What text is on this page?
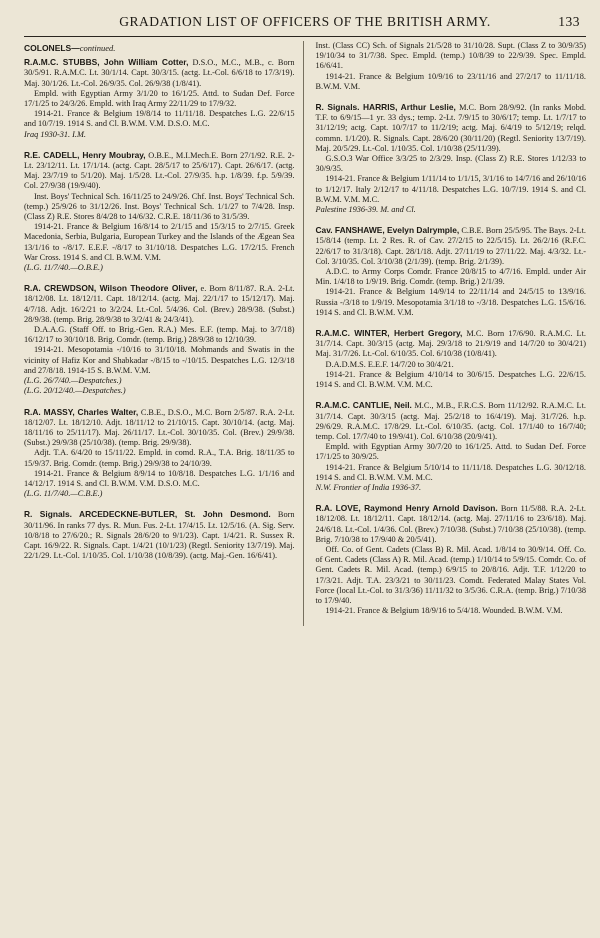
GRADATION LIST OF OFFICERS OF THE BRITISH ARMY.	133
COLONELS—continued.

R.A.M.C. STUBBS, John William Cotter, D.S.O., M.C., M.B., c. Born 30/5/91. R.A.M.C. Lt. 30/1/14. Capt. 30/3/15. (actg. Lt.-Col. 6/6/18 to 17/3/19). Maj. 30/1/26. Lt.-Col. 26/9/35. Col. 26/9/38 (1/8/41).

Empld. with Egyptian Army 3/1/20 to 16/1/25. Attd. to Sudan Def. Force 17/1/25 to 24/3/26. Empld. with Iraq Army 22/11/29 to 17/9/32.

1914-21. France & Belgium 19/8/14 to 11/11/18. Despatches L.G. 22/6/15 and 10/7/19. 1914 S. and Cl. B.W.M. V.M. D.S.O. M.C.

Iraq 1930-31. I.M.

R.E. CADELL, Henry Moubray, O.B.E., M.I.Mech.E. Born 27/1/92. R.E. 2-Lt. 23/12/11. Lt. 17/1/14. (actg. Capt. 28/5/17 to 25/6/17). Capt. 26/6/17. (actg. Maj. 23/7/19 to 5/1/20). Maj. 1/5/28. Lt.-Col. 27/9/35. h.p. 1/8/39. f.p. 5/9/39. Col. 27/9/38 (19/9/40).

Inst. Boys' Technical Sch. 16/11/25 to 24/9/26. Chf. Inst. Boys' Technical Sch. (temp.) 25/9/26 to 31/12/26. Inst. Boys' Technical Sch. 1/1/27 to 7/4/28. Insp. (Class Z) R.E. Stores 8/4/28 to 14/6/32. C.R.E. 18/11/36 to 31/5/39.

1914-21. France & Belgium 16/8/14 to 2/1/15 and 15/3/15 to 2/7/15. Greek Macedonia, Serbia, Bulgaria, European Turkey and the Islands of the Ægean Sea 13/1/16 to -/8/17. E.E.F. -/8/17 to 31/10/18. Despatches L.G. 17/2/15. French War Cross. 1914 S. and Cl. B.W.M. V.M.

(L.G. 11/7/40.—O.B.E.)

R.A. CREWDSON, Wilson Theodore Oliver, e. Born 8/11/87. R.A. 2-Lt. 18/12/08. Lt. 18/12/11. Capt. 18/12/14. (actg. Maj. 22/1/17 to 15/12/17). Maj. 4/7/18. Adjt. 16/2/21 to 3/2/24. Lt.-Col. 5/4/36. Col. (Brev.) 28/9/38. (Subst.) 28/9/38. (temp. Brig. 28/9/38 to 3/2/41 & 24/3/41).

D.A.A.G. (Staff Off. to Brig.-Gen. R.A.) Mes. E.F. (temp. Maj. to 3/7/18) 16/12/17 to 30/10/18. Brig. Comdr. (temp. Brig.) 28/9/38 to 12/10/39.

1914-21. Mesopotamia -/10/16 to 31/10/18. Mohmands and Swatis in the vicinity of Hafiz Kor and Shabkadar -/8/15 to -/10/15. Despatches L.G. 12/3/18 and 27/8/18. 1914-15 S. B.W.M. V.M.

(L.G. 26/7/40.—Despatches.)

(L.G. 20/12/40.—Despatches.)

R.A. MASSY, Charles Walter, C.B.E., D.S.O., M.C. Born 2/5/87. R.A. 2-Lt. 18/12/07. Lt. 18/12/10. Adjt. 18/11/12 to 21/10/15. Capt. 30/10/14. (actg. Maj. 18/11/16 to 25/11/17). Maj. 26/11/17. Lt.-Col. 30/10/35. Col. (Brev.) 29/9/38. (Subst.) 29/9/38 (25/10/38). (temp. Brig. 29/9/38).

Adjt. T.A. 6/4/20 to 15/11/22. Empld. in comd. R.A., T.A. Brig. 18/11/35 to 15/9/37. Brig. Comdr. (temp. Brig.) 29/9/38 to 24/10/39.

1914-21. France & Belgium 8/9/14 to 10/8/18. Despatches L.G. 1/1/16 and 14/12/17. 1914 S. and Cl. B.W.M. V.M. D.S.O. M.C.

(L.G. 11/7/40.—C.B.E.)

R. Signals. ARCEDECKNE-BUTLER, St. John Desmond. Born 30/11/96. In ranks 77 dys. R. Mun. Fus. 2-Lt. 17/4/15. Lt. 12/5/16. (A. Sig. Serv. 10/8/18 to 27/6/20.; R. Signals 28/6/20 to 9/1/23). Capt. 1/4/21. R. Sussex R. Capt. 16/9/22. R. Signals. Capt. 1/4/21 (10/1/23) (Regtl. Seniority 13/7/19). Maj. 22/1/29. Lt.-Col. 1/10/35. Col. 1/10/38 (10/8/39). (actg. Maj.-Gen. 16/6/41).

Inst. (Class CC) Sch. of Signals 21/5/28 to 31/10/28. Supt. (Class Z to 30/9/35) 19/10/34 to 31/7/38. Spec. Empld. (temp.) 10/8/39 to 22/9/39. Spec. Empld. 16/6/41.

1914-21. France & Belgium 10/9/16 to 23/11/16 and 27/2/17 to 11/11/18. B.W.M. V.M.

R. Signals. HARRIS, Arthur Leslie, M.C. Born 28/9/92. (In ranks Mobd. T.F. to 6/9/15—1 yr. 33 dys.; temp. 2-Lt. 7/9/15 to 30/6/17; temp. Lt. 1/7/17 to 31/12/19; actg. Capt. 10/7/17 to 11/2/19; actg. Maj. 6/4/19 to 5/12/19; relqd. commn. 1/1/20). R. Signals. Capt. 28/6/20 (30/11/20) (Regtl. Seniority 13/7/19). Maj. 20/5/29. Lt.-Col. 1/10/35. Col. 1/10/38 (25/11/39).

G.S.O.3 War Office 3/3/25 to 2/3/29. Insp. (Class Z) R.E. Stores 1/12/33 to 30/9/35.

1914-21. France & Belgium 1/11/14 to 1/1/15, 3/1/16 to 14/7/16 and 26/10/16 to 1/12/17. Italy 2/12/17 to 4/11/18. Despatches L.G. 10/7/19. 1914 S. and Cl. B.W.M. V.M. M.C.

Palestine 1936-39. M. and Cl.

Cav. FANSHAWE, Evelyn Dalrymple, C.B.E. Born 25/5/95. The Bays. 2-Lt. 15/8/14 (temp. Lt. 2 Res. R. of Cav. 27/2/15 to 22/5/15). Lt. 26/2/16 (R.F.C. 22/6/17 to 31/3/18). Capt. 28/1/18. Adjt. 27/11/19 to 27/11/22. Maj. 4/3/32. Lt.-Col. 3/10/35. Col. 3/10/38 (2/1/39). (temp. Brig. 2/1/39).

A.D.C. to Army Corps Comdr. France 20/8/15 to 4/7/16. Empld. under Air Min. 1/4/18 to 1/9/19. Brig. Comdr. (temp. Brig.) 2/1/39.

1914-21. France & Belgium 14/9/14 to 22/11/14 and 24/5/15 to 13/9/16. Russia -/3/18 to 1/9/19. Mesopotamia 3/1/18 to -/3/18. Despatches L.G. 15/6/16. 1914 S. and Cl. B.W.M. V.M.

R.A.M.C. WINTER, Herbert Gregory, M.C. Born 17/6/90. R.A.M.C. Lt. 31/7/14. Capt. 30/3/15 (actg. Maj. 29/3/18 to 21/9/19 and 14/7/20 to 30/4/21) Maj. 31/7/26. Lt.-Col. 6/10/35. Col. 6/10/38 (10/8/41).

D.A.D.M.S. E.E.F. 14/7/20 to 30/4/21.

1914-21. France & Belgium 4/10/14 to 30/6/15. Despatches L.G. 22/6/15. 1914 S. and Cl. B.W.M. V.M. M.C.

R.A.M.C. CANTLIE, Neil. M.C., M.B., F.R.C.S. Born 11/12/92. R.A.M.C. Lt. 31/7/14. Capt. 30/3/15 (actg. Maj. 25/2/18 to 16/4/19). Maj. 31/7/26. h.p. 29/6/29. R.A.M.C. 17/8/29. Lt.-Col. 6/10/35. (actg. Col. 17/1/40 to 16/7/40; temp. Col. 17/7/40 to 19/9/41). Col. 6/10/38 (20/9/41).

Empld. with Egyptian Army 30/7/20 to 16/1/25. Attd. to Sudan Def. Force 17/1/25 to 30/9/25.

1914-21. France & Belgium 5/10/14 to 11/11/18. Despatches L.G. 30/12/18. 1914 S. and Cl. B.W.M. V.M. M.C.

N.W. Frontier of India 1936-37.

R.A. LOVE, Raymond Henry Arnold Davison. Born 11/5/88. R.A. 2-Lt. 18/12/08. Lt. 18/12/11. Capt. 18/12/14. (actg. Maj. 27/11/16 to 23/6/18). Maj. 24/6/18. Lt.-Col. 1/4/36. Col. (Brev.) 7/10/38. (Subst.) 7/10/38 (25/10/38). (temp. Brig. 7/10/38 to 17/9/40 & 20/5/41).

Off. Co. of Gent. Cadets (Class B) R. Mil. Acad. 1/8/14 to 30/9/14. Off. Co. of Gent. Cadets (Class A) R. Mil. Acad. (temp.) 1/10/14 to 5/9/15. Comdr. Co. of Gent. Cadets R. Mil. Acad. (temp.) 6/9/15 to 20/8/16. Adjt. T.F. 1/12/20 to 17/3/21. Adjt. T.A. 23/3/21 to 30/11/23. Comdt. Federated Malay States Vol. Force (local Lt.-Col. to 31/3/36) 11/11/32 to 3/5/36. C.R.A. (temp. Brig.) 7/10/38 to 17/9/40.

1914-21. France & Belgium 18/9/16 to 5/4/18. Wounded. B.W.M. V.M.
